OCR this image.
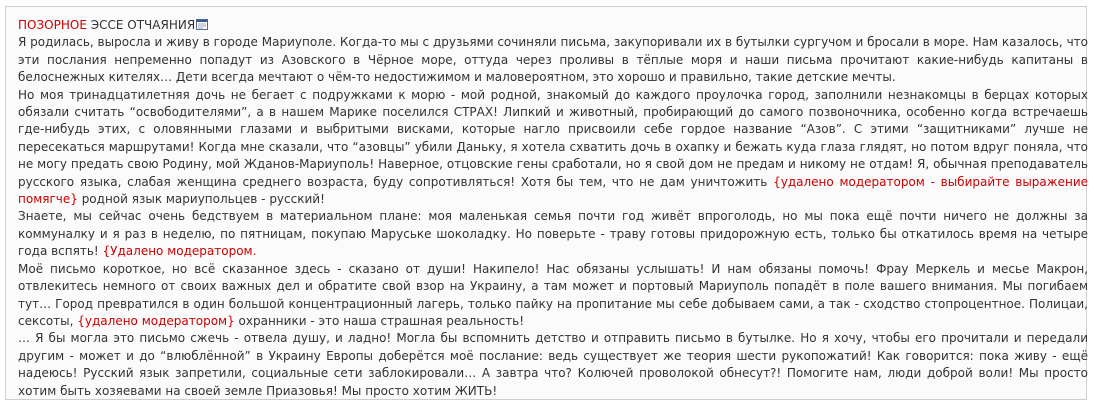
ПОЗОРНОЕ ЭССЕ ОТЧАЯНИЯ

Я родилась, выросла и живу в городе Мариуполе. Когда-то мы с друзьями сочиняли письма, закупоривали их в бутылки сургучом и бросали в море. Нам казалось, что эти послания непременно попадут из Азовского в Чёрное море, оттуда через проливы в тёплые моря и наши письма прочитают какие-нибудь капитаны в белоснежных кителях… Дети всегда мечтают о чём-то недостижимом и маловероятном, это хорошо и правильно, такие детские мечты.

Но моя тринадцатилетняя дочь не бегает с подружками к морю - мой родной, знакомый до каждого проулочка город, заполнили незнакомцы в берцах которых обязали считать “освободителями”, а в нашем Марике поселился СТРАХ! Липкий и животный, пробирающий до самого позвоночника, особенно когда встречаешь где-нибудь этих, с оловянными глазами и выбритыми висками, которые нагло присвоили себе гордое название “Азов”. С этими “защитниками” лучше не пересекаться маршрутами! Когда мне сказали, что “азовцы” убили Даньку, я хотела схватить дочь в охапку и бежать куда глаза глядят, но потом вдруг поняла, что не могу предать свою Родину, мой Жданов-Мариуполь! Наверное, отцовские гены сработали, но я свой дом не предам и никому не отдам! Я, обычная преподаватель русского языка, слабая женщина среднего возраста, буду сопротивляться! Хотя бы тем, что не дам уничтожить {удалено модератором - выбирайте выражение помягче} родной язык мариупольцев - русский!

Знаете, мы сейчас очень бедствуем в материальном плане: моя маленькая семья почти год живёт впроголодь, но мы пока ещё почти ничего не должны за коммуналку и я раз в неделю, по пятницам, покупаю Маруське шоколадку. Но поверьте - траву готовы придорожную есть, только бы откатилось время на четыре года вспять! {Удалено модератором.

Моё письмо короткое, но всё сказанное здесь - сказано от души! Накипело! Нас обязаны услышать! И нам обязаны помочь! Фрау Меркель и месье Макрон, отвлекитесь немного от своих важных дел и обратите свой взор на Украину, а там может и портовый Мариуполь попадёт в поле вашего внимания. Мы погибаем тут… Город превратился в один большой концентрационный лагерь, только пайку на пропитание мы себе добываем сами, а так - сходство стопроцентное. Полицаи, сексоты, {удалено модератором} охранники - это наша страшная реальность!

… Я бы могла это письмо сжечь - отвела душу, и ладно! Могла бы вспомнить детство и отправить письмо в бутылке. Но я хочу, чтобы его прочитали и передали другим - может и до “влюблённой” в Украину Европы доберётся моё послание: ведь существует же теория шести рукопожатий! Как говорится: пока живу - ещё надеюсь! Русский язык запретили, социальные сети заблокировали… А завтра что? Колючей проволокой обнесут?! Помогите нам, люди доброй воли! Мы просто хотим быть хозяевами на своей земле Приазовья! Мы просто хотим ЖИТЬ!
